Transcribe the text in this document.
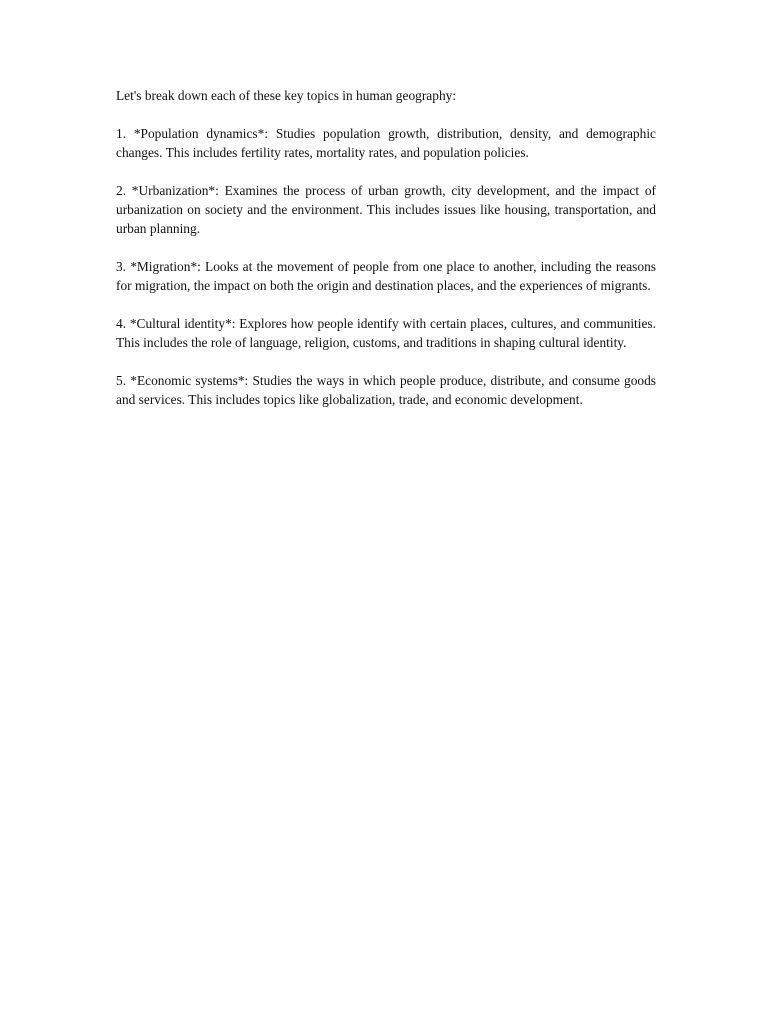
Let's break down each of these key topics in human geography:

1. *Population dynamics*: Studies population growth, distribution, density, and demographic changes. This includes fertility rates, mortality rates, and population policies.

2. *Urbanization*: Examines the process of urban growth, city development, and the impact of urbanization on society and the environment. This includes issues like housing, transportation, and urban planning.

3. *Migration*: Looks at the movement of people from one place to another, including the reasons for migration, the impact on both the origin and destination places, and the experiences of migrants.

4. *Cultural identity*: Explores how people identify with certain places, cultures, and communities. This includes the role of language, religion, customs, and traditions in shaping cultural identity.

5. *Economic systems*: Studies the ways in which people produce, distribute, and consume goods and services. This includes topics like globalization, trade, and economic development.
